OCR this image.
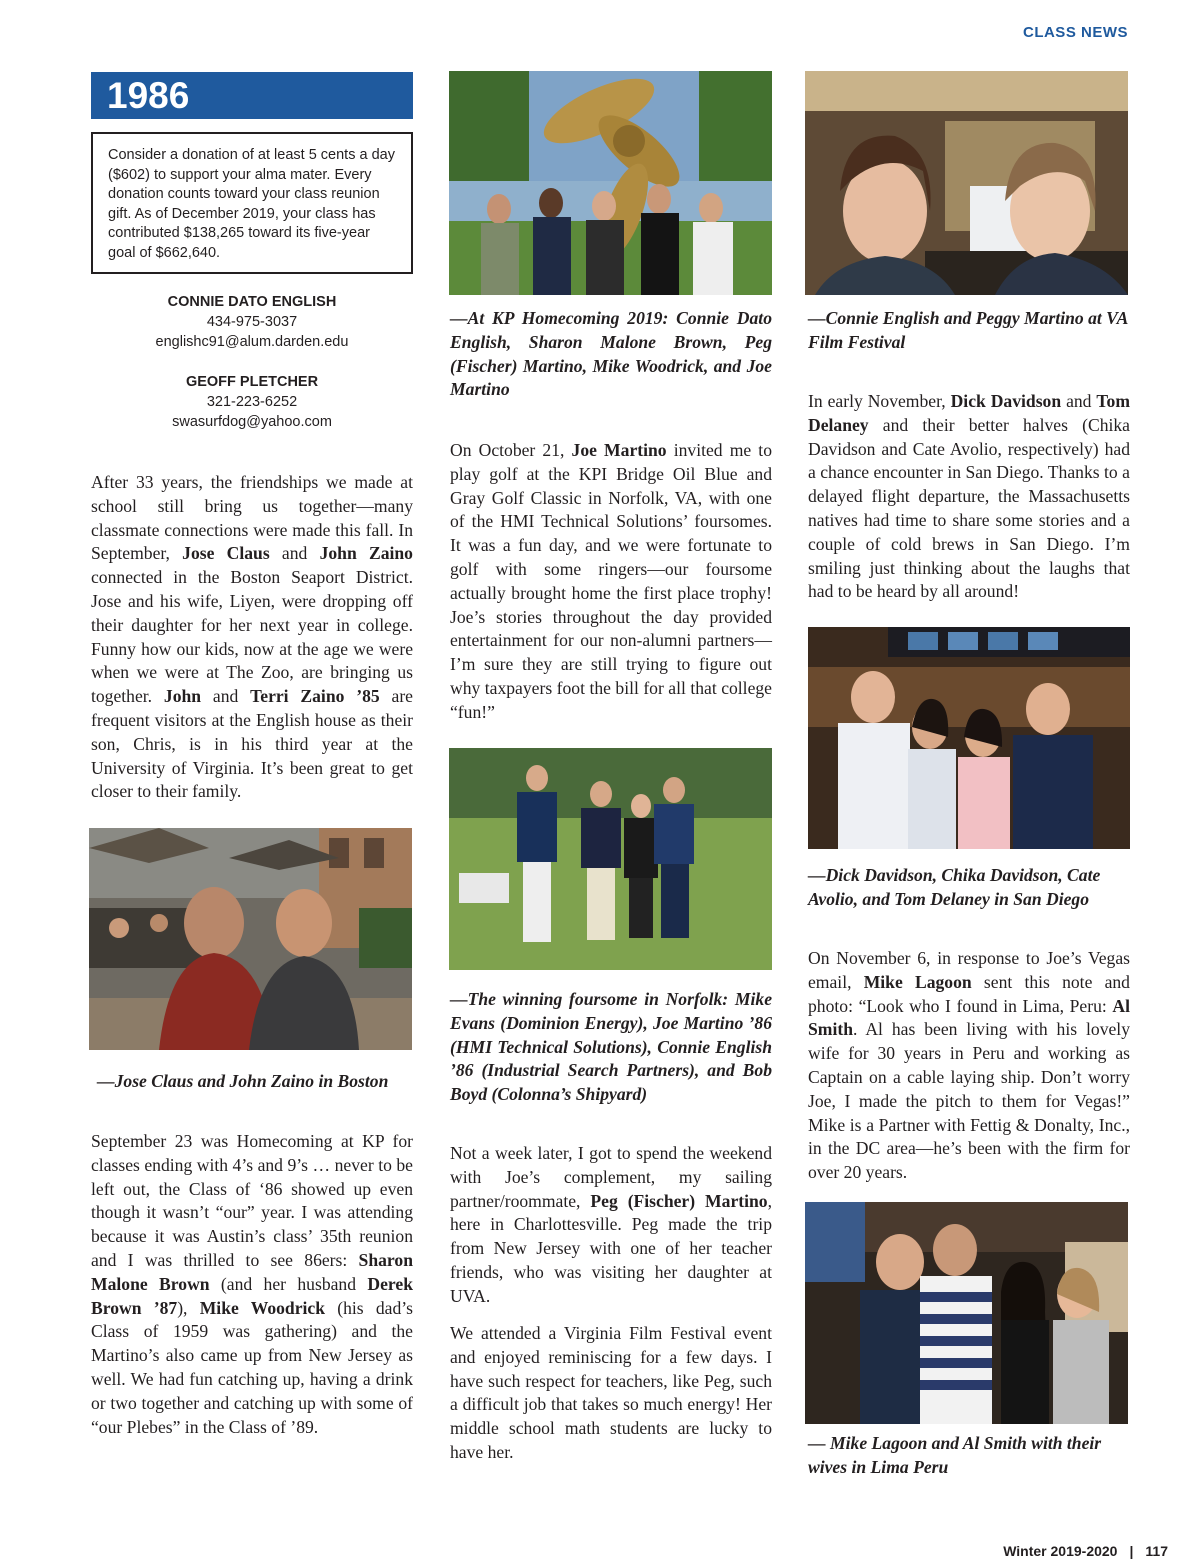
CLASS NEWS
1986
Consider a donation of at least 5 cents a day ($602) to support your alma mater. Every donation counts toward your class reunion gift. As of December 2019, your class has contributed $138,265 toward its five-year goal of $662,640.
CONNIE DATO ENGLISH
434-975-3037
englishc91@alum.darden.edu
GEOFF PLETCHER
321-223-6252
swasurfdog@yahoo.com
After 33 years, the friendships we made at school still bring us together—many classmate connections were made this fall. In September, Jose Claus and John Zaino connected in the Boston Seaport District. Jose and his wife, Liyen, were dropping off their daughter for her next year in college. Funny how our kids, now at the age we were when we were at The Zoo, are bringing us together. John and Terri Zaino ’85 are frequent visitors at the English house as their son, Chris, is in his third year at the University of Virginia. It’s been great to get closer to their family.
—Jose Claus and John Zaino in Boston
September 23 was Homecoming at KP for classes ending with 4’s and 9’s … never to be left out, the Class of ‘86 showed up even though it wasn’t “our” year. I was attending because it was Austin’s class’ 35th reunion and I was thrilled to see 86ers: Sharon Malone Brown (and her husband Derek Brown ’87), Mike Woodrick (his dad’s Class of 1959 was gathering) and the Martino’s also came up from New Jersey as well. We had fun catching up, having a drink or two together and catching up with some of “our Plebes” in the Class of ’89.
—At KP Homecoming 2019: Connie Dato English, Sharon Malone Brown, Peg (Fischer) Martino, Mike Woodrick, and Joe Martino
On October 21, Joe Martino invited me to play golf at the KPI Bridge Oil Blue and Gray Golf Classic in Norfolk, VA, with one of the HMI Technical Solutions’ foursomes. It was a fun day, and we were fortunate to golf with some ringers—our foursome actually brought home the first place trophy! Joe’s stories throughout the day provided entertainment for our non-alumni partners—I’m sure they are still trying to figure out why taxpayers foot the bill for all that college “fun!”
—The winning foursome in Norfolk: Mike Evans (Dominion Energy), Joe Martino ’86 (HMI Technical Solutions), Connie English ’86 (Industrial Search Partners), and Bob Boyd (Colonna’s Shipyard)
Not a week later, I got to spend the weekend with Joe’s complement, my sailing partner/roommate, Peg (Fischer) Martino, here in Charlottesville. Peg made the trip from New Jersey with one of her teacher friends, who was visiting her daughter at UVA.
We attended a Virginia Film Festival event and enjoyed reminiscing for a few days. I have such respect for teachers, like Peg, such a difficult job that takes so much energy! Her middle school math students are lucky to have her.
—Connie English and Peggy Martino at VA Film Festival
In early November, Dick Davidson and Tom Delaney and their better halves (Chika Davidson and Cate Avolio, respectively) had a chance encounter in San Diego. Thanks to a delayed flight departure, the Massachusetts natives had time to share some stories and a couple of cold brews in San Diego. I’m smiling just thinking about the laughs that had to be heard by all around!
—Dick Davidson, Chika Davidson, Cate Avolio, and Tom Delaney in San Diego
On November 6, in response to Joe’s Vegas email, Mike Lagoon sent this note and photo: “Look who I found in Lima, Peru: Al Smith. Al has been living with his lovely wife for 30 years in Peru and working as Captain on a cable laying ship. Don’t worry Joe, I made the pitch to them for Vegas!” Mike is a Partner with Fettig & Donalty, Inc., in the DC area—he’s been with the firm for over 20 years.
— Mike Lagoon and Al Smith with their wives in Lima Peru
Winter 2019-2020 | 117
